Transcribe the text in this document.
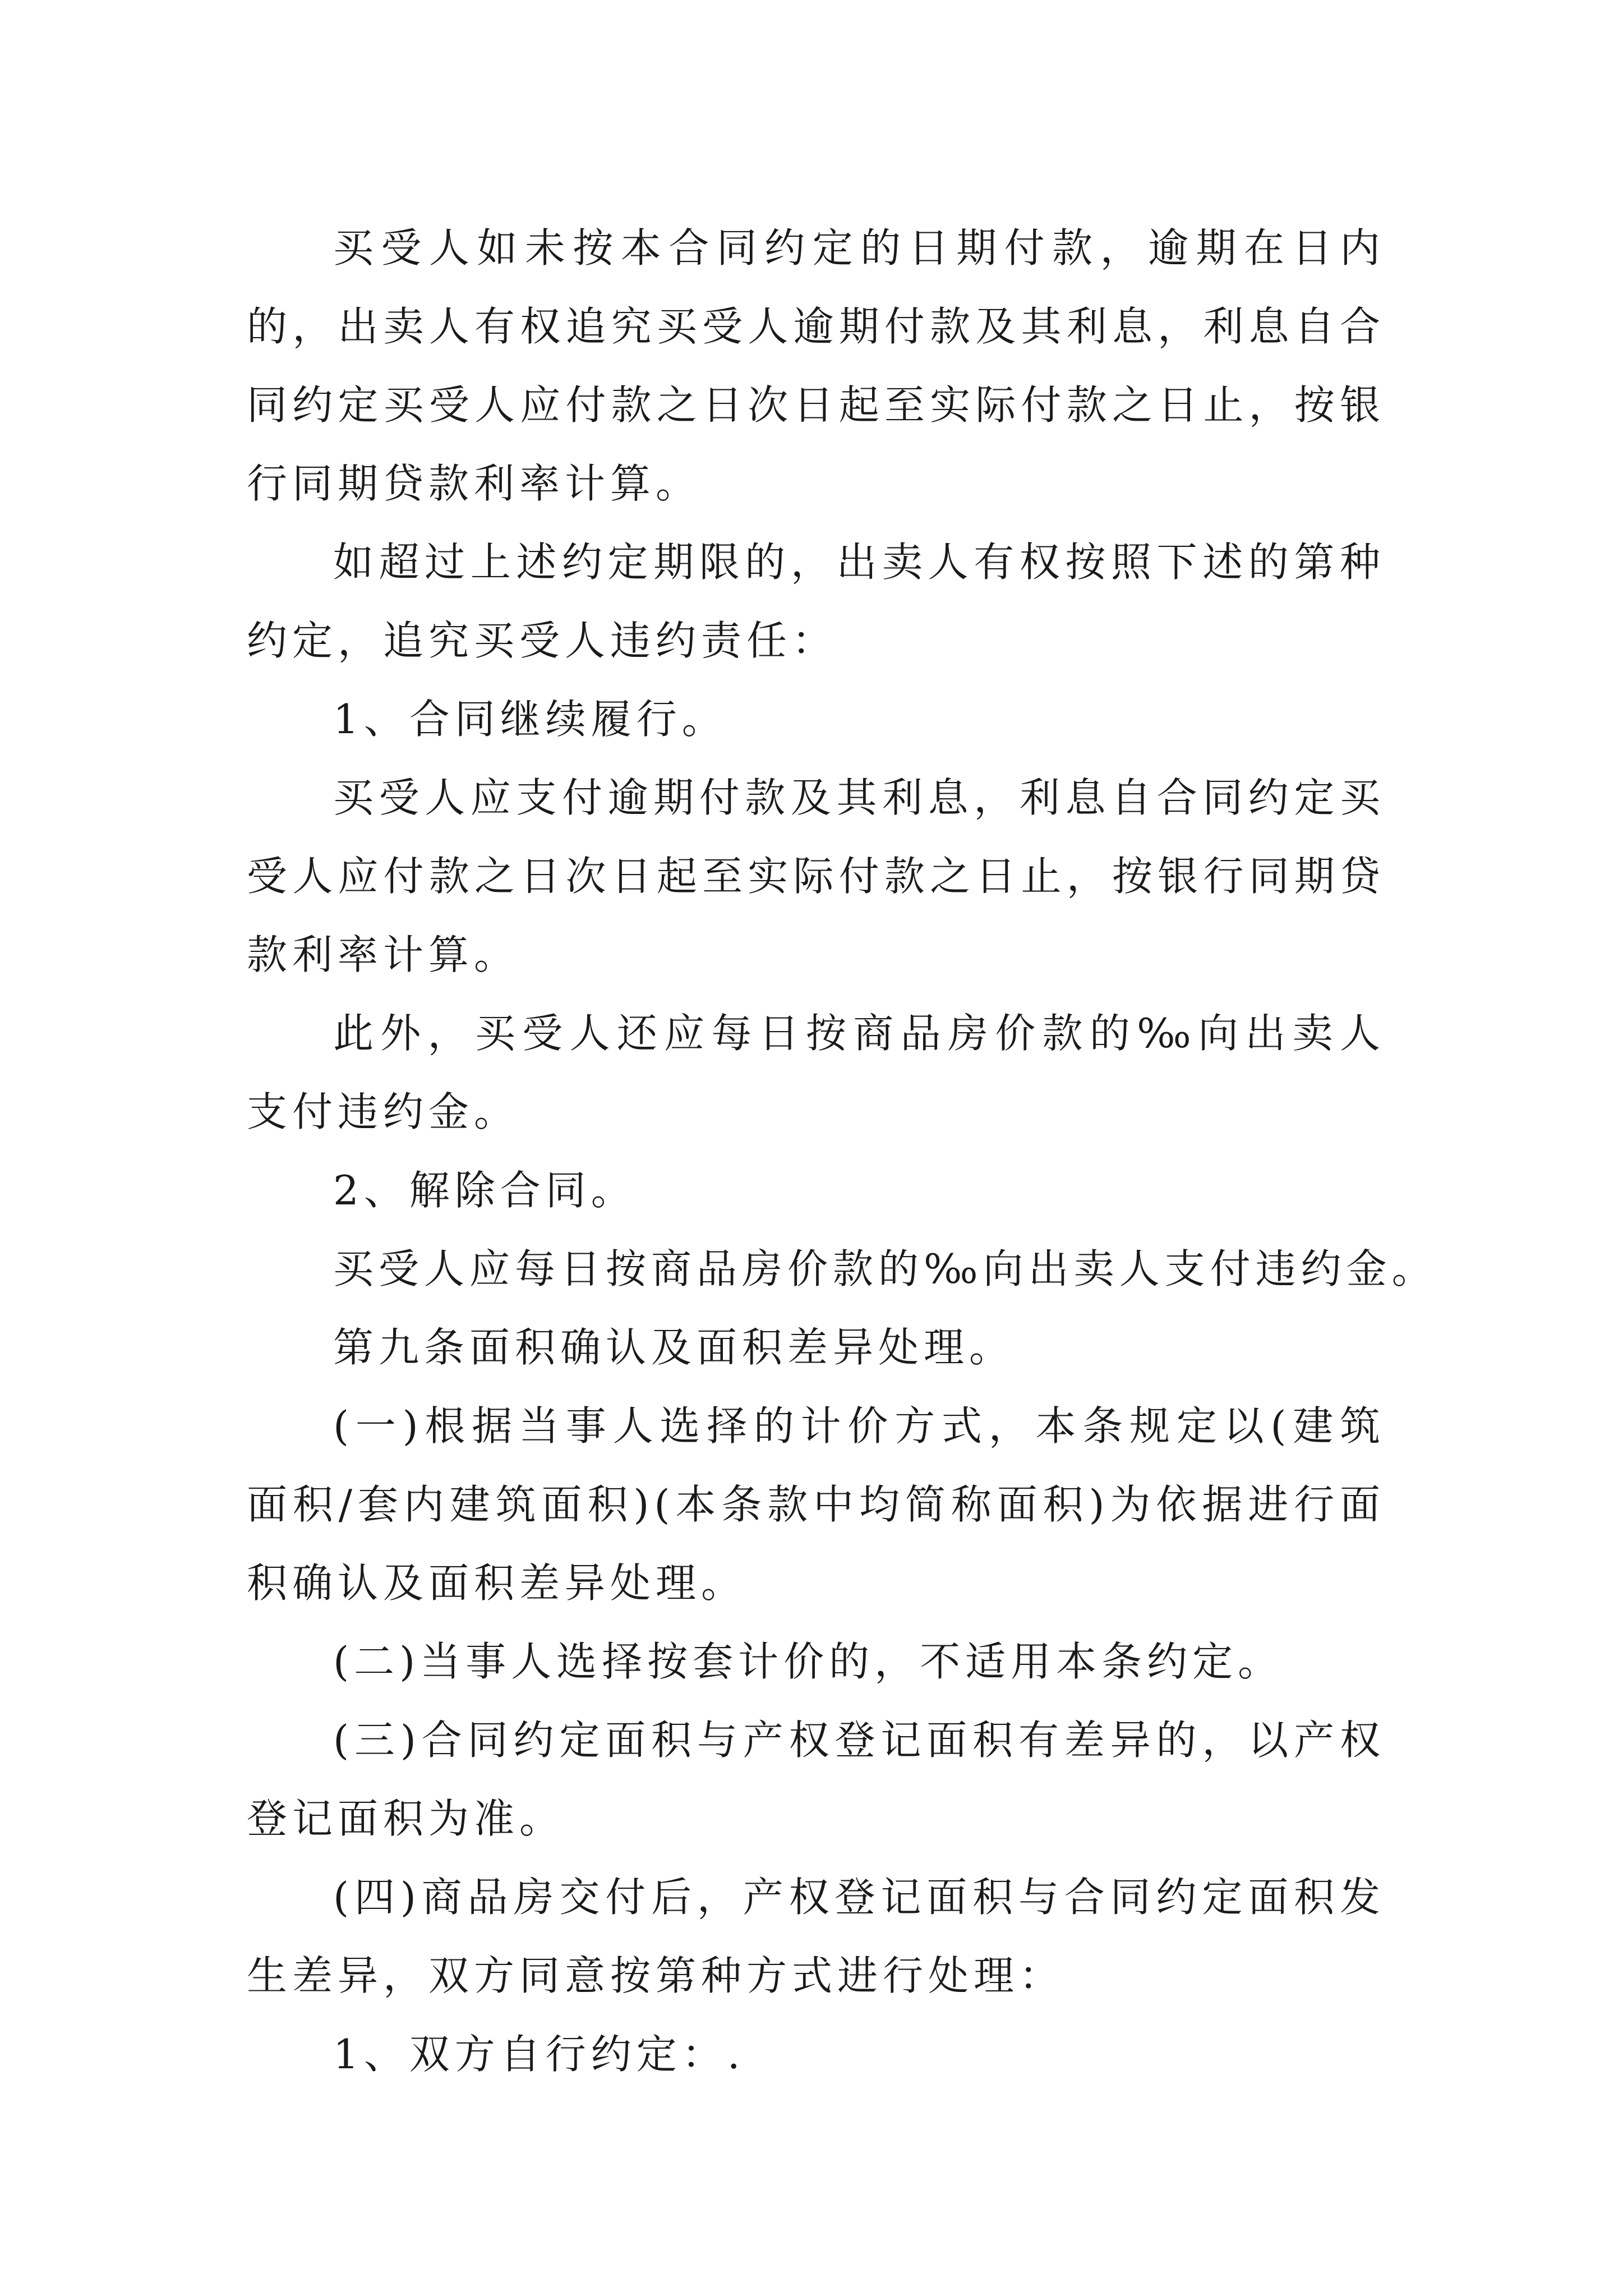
买受人如未按本合同约定的日期付款，逾期在日内的，出卖人有权追究买受人逾期付款及其利息，利息自合同约定买受人应付款之日次日起至实际付款之日止，按银行同期贷款利率计算。

如超过上述约定期限的，出卖人有权按照下述的第种约定，追究买受人违约责任：

1、合同继续履行。

买受人应支付逾期付款及其利息，利息自合同约定买受人应付款之日次日起至实际付款之日止，按银行同期贷款利率计算。

此外，买受人还应每日按商品房价款的‰向出卖人支付违约金。

2、解除合同。

买受人应每日按商品房价款的‰向出卖人支付违约金。

第九条面积确认及面积差异处理。

(一)根据当事人选择的计价方式，本条规定以(建筑面积/套内建筑面积)(本条款中均简称面积)为依据进行面积确认及面积差异处理。

(二)当事人选择按套计价的，不适用本条约定。

(三)合同约定面积与产权登记面积有差异的，以产权登记面积为准。

(四)商品房交付后，产权登记面积与合同约定面积发生差异，双方同意按第种方式进行处理：

1、双方自行约定：.
